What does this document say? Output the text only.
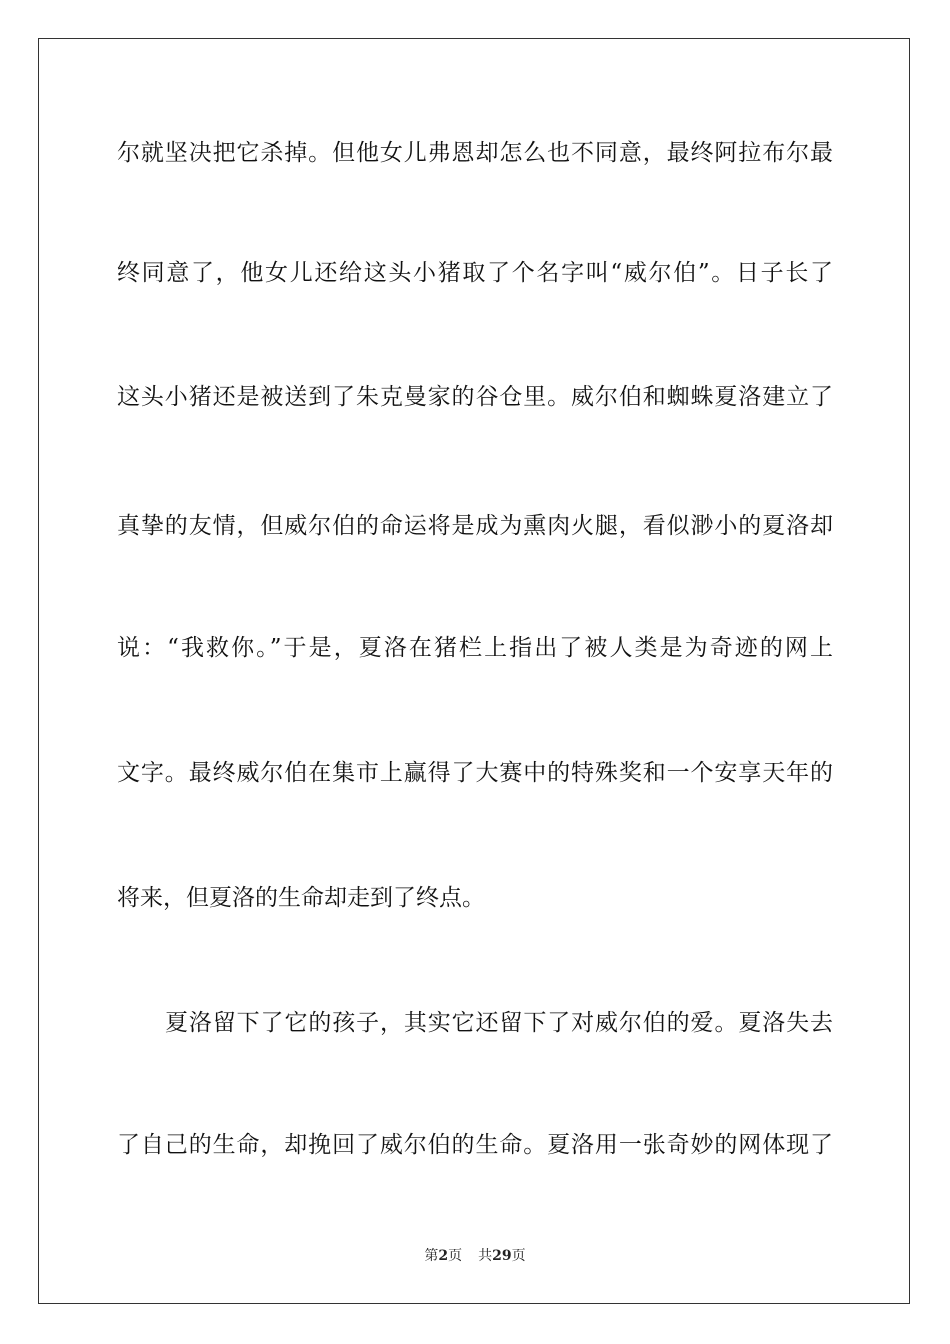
尔就坚决把它杀掉。但他女儿弗恩却怎么也不同意，最终阿拉布尔最
终同意了，他女儿还给这头小猪取了个名字叫“威尔伯”。日子长了
这头小猪还是被送到了朱克曼家的谷仓里。威尔伯和蜘蛛夏洛建立了
真挚的友情，但威尔伯的命运将是成为熏肉火腿，看似渺小的夏洛却
说：“我救你。”于是，夏洛在猪栏上指出了被人类是为奇迹的网上
文字。最终威尔伯在集市上赢得了大赛中的特殊奖和一个安享天年的
将来，但夏洛的生命却走到了终点。
夏洛留下了它的孩子，其实它还留下了对威尔伯的爱。夏洛失去
了自己的生命，却挽回了威尔伯的生命。夏洛用一张奇妙的网体现了
第2页 共29页
